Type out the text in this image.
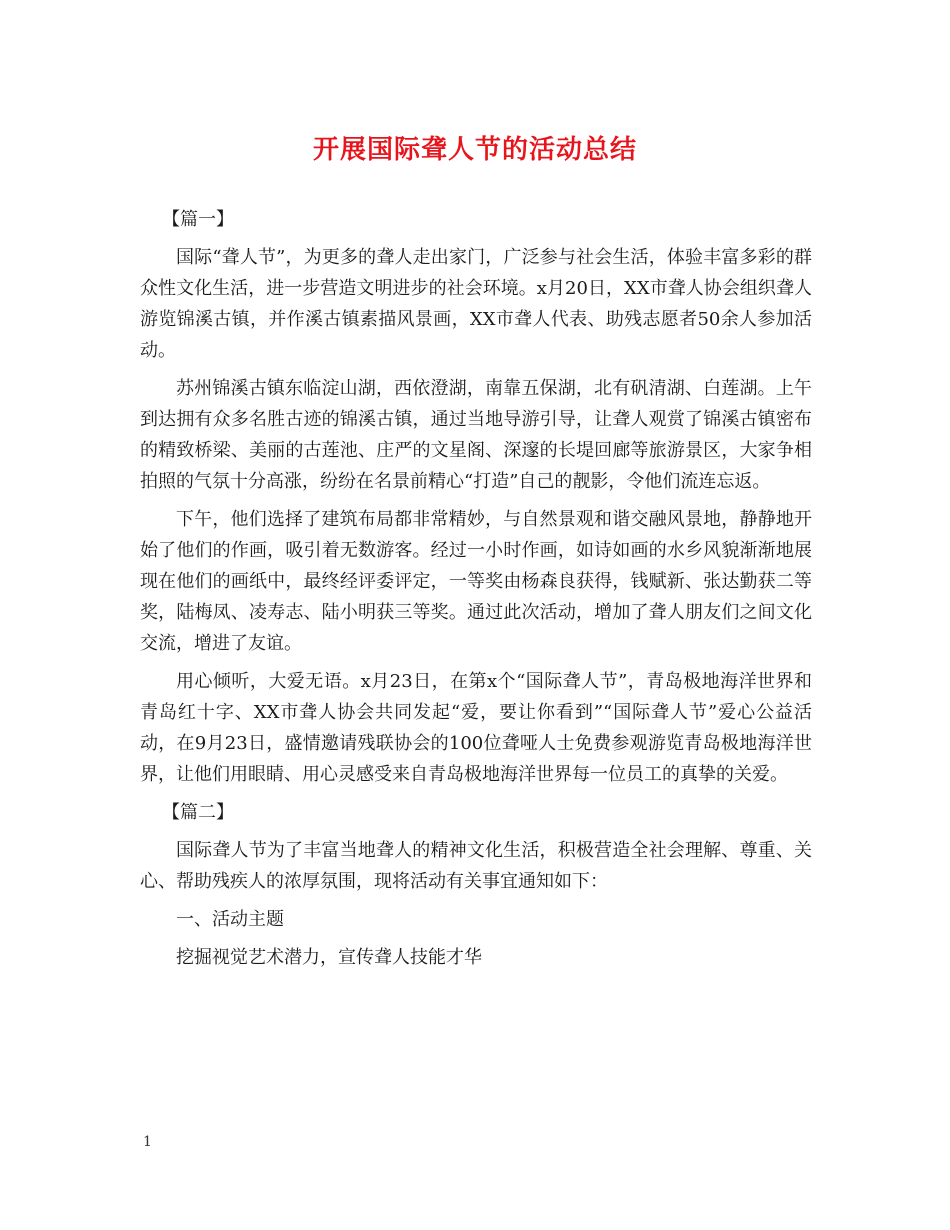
开展国际聋人节的活动总结
【篇一】

国际“聋人节”，为更多的聋人走出家门，广泛参与社会生活，体验丰富多彩的群众性文化生活，进一步营造文明进步的社会环境。x月20日，XX市聋人协会组织聋人游览锦溪古镇，并作溪古镇素描风景画，XX市聋人代表、助残志愿者50余人参加活动。

苏州锦溪古镇东临淀山湖，西依澄湖，南靠五保湖，北有矾清湖、白莲湖。上午到达拥有众多名胜古迹的锦溪古镇，通过当地导游引导，让聋人观赏了锦溪古镇密布的精致桥梁、美丽的古莲池、庄严的文星阁、深邃的长堤回廊等旅游景区，大家争相拍照的气氛十分高涨，纷纷在名景前精心“打造”自己的靓影，令他们流连忘返。

下午，他们选择了建筑布局都非常精妙，与自然景观和谐交融风景地，静静地开始了他们的作画，吸引着无数游客。经过一小时作画，如诗如画的水乡风貌渐渐地展现在他们的画纸中，最终经评委评定，一等奖由杨森良获得，钱赋新、张达勤获二等奖，陆梅凤、凌寿志、陆小明获三等奖。通过此次活动，增加了聋人朋友们之间文化交流，增进了友谊。

用心倾听，大爱无语。x月23日，在第x个“国际聋人节”，青岛极地海洋世界和青岛红十字、XX市聋人协会共同发起“爱，要让你看到”“国际聋人节”爱心公益活动，在9月23日，盛情邀请残联协会的100位聋哑人士免费参观游览青岛极地海洋世界，让他们用眼睛、用心灵感受来自青岛极地海洋世界每一位员工的真挚的关爱。

【篇二】

国际聋人节为了丰富当地聋人的精神文化生活，积极营造全社会理解、尊重、关心、帮助残疾人的浓厚氛围，现将活动有关事宜通知如下：

一、活动主题

挖掘视觉艺术潜力，宣传聋人技能才华

1
